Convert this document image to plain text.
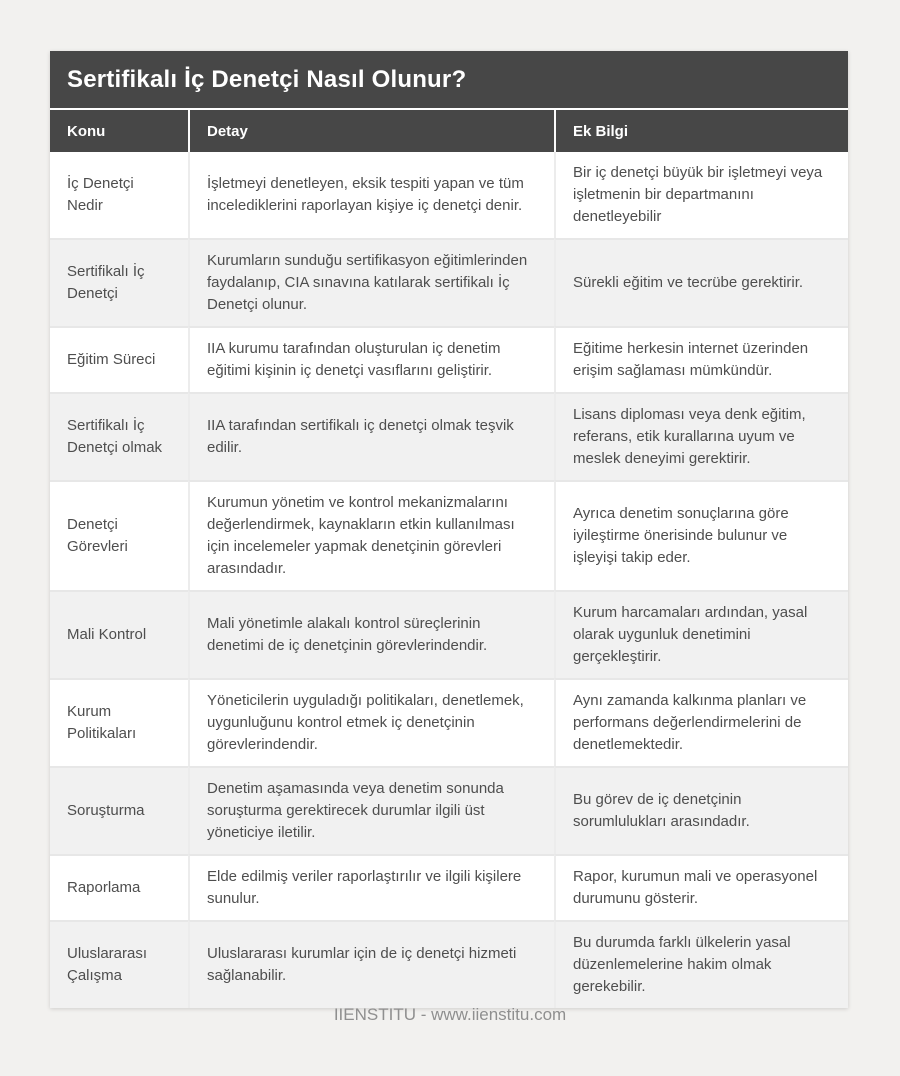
Sertifikalı İç Denetçi Nasıl Olunur?
Konu	Detay	Ek Bilgi
İç Denetçi Nedir	İşletmeyi denetleyen, eksik tespiti yapan ve tüm incelediklerini raporlayan kişiye iç denetçi denir.	Bir iç denetçi büyük bir işletmeyi veya işletmenin bir departmanını denetleyebilir
Sertifikalı İç Denetçi	Kurumların sunduğu sertifikasyon eğitimlerinden faydalanıp, CIA sınavına katılarak sertifikalı İç Denetçi olunur.	Sürekli eğitim ve tecrübe gerektirir.
Eğitim Süreci	IIA kurumu tarafından oluşturulan iç denetim eğitimi kişinin iç denetçi vasıflarını geliştirir.	Eğitime herkesin internet üzerinden erişim sağlaması mümkündür.
Sertifikalı İç Denetçi olmak	IIA tarafından sertifikalı iç denetçi olmak teşvik edilir.	Lisans diploması veya denk eğitim, referans, etik kurallarına uyum ve meslek deneyimi gerektirir.
Denetçi Görevleri	Kurumun yönetim ve kontrol mekanizmalarını değerlendirmek, kaynakların etkin kullanılması için incelemeler yapmak denetçinin görevleri arasındadır.	Ayrıca denetim sonuçlarına göre iyileştirme önerisinde bulunur ve işleyişi takip eder.
Mali Kontrol	Mali yönetimle alakalı kontrol süreçlerinin denetimi de iç denetçinin görevlerindendir.	Kurum harcamaları ardından, yasal olarak uygunluk denetimini gerçekleştirir.
Kurum Politikaları	Yöneticilerin uyguladığı politikaları, denetlemek, uygunluğunu kontrol etmek iç denetçinin görevlerindendir.	Aynı zamanda kalkınma planları ve performans değerlendirmelerini de denetlemektedir.
Soruşturma	Denetim aşamasında veya denetim sonunda soruşturma gerektirecek durumlar ilgili üst yöneticiye iletilir.	Bu görev de iç denetçinin sorumlulukları arasındadır.
Raporlama	Elde edilmiş veriler raporlaştırılır ve ilgili kişilere sunulur.	Rapor, kurumun mali ve operasyonel durumunu gösterir.
Uluslararası Çalışma	Uluslararası kurumlar için de iç denetçi hizmeti sağlanabilir.	Bu durumda farklı ülkelerin yasal düzenlemelerine hakim olmak gerekebilir.
IIENSTITU - www.iienstitu.com
